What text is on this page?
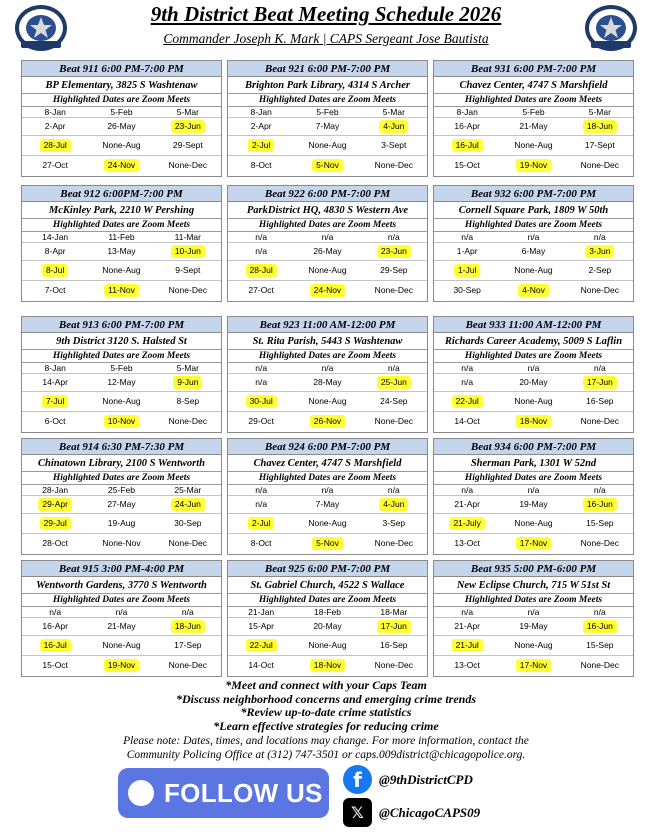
9th District Beat Meeting Schedule 2026
Commander Joseph K. Mark | CAPS Sergeant Jose Bautista
Beat 911 6:00 PM-7:00 PM
BP Elementary, 3825 S Washtenaw
Highlighted Dates are Zoom Meets
8-Jan	5-Feb	5-Mar
2-Apr	26-May	23-Jun
28-Jul	None-Aug	29-Sept
27-Oct	24-Nov	None-Dec
Beat 921 6:00 PM-7:00 PM
Brighton Park Library, 4314 S Archer
Highlighted Dates are Zoom Meets
8-Jan	5-Feb	5-Mar
2-Apr	7-May	4-Jun
2-Jul	None-Aug	3-Sept
8-Oct	5-Nov	None-Dec
Beat 931 6:00 PM-7:00 PM
Chavez Center, 4747 S Marshfield
Highlighted Dates are Zoom Meets
8-Jan	5-Feb	5-Mar
16-Apr	21-May	18-Jun
16-Jul	None-Aug	17-Sept
15-Oct	19-Nov	None-Dec
Beat 912 6:00PM-7:00 PM
McKinley Park, 2210 W Pershing
Highlighted Dates are Zoom Meets
14-Jan	11-Feb	11-Mar
8-Apr	13-May	10-Jun
8-Jul	None-Aug	9-Sept
7-Oct	11-Nov	None-Dec
Beat 922 6:00 PM-7:00 PM
ParkDistrict HQ, 4830 S Western Ave
Highlighted Dates are Zoom Meets
n/a	n/a	n/a
n/a	26-May	23-Jun
28-Jul	None-Aug	29-Sep
27-Oct	24-Nov	None-Dec
Beat 932 6:00 PM-7:00 PM
Cornell Square Park, 1809 W 50th
Highlighted Dates are Zoom Meets
n/a	n/a	n/a
1-Apr	6-May	3-Jun
1-Jul	None-Aug	2-Sep
30-Sep	4-Nov	None-Dec
Beat 913 6:00 PM-7:00 PM
9th District 3120 S. Halsted St
Highlighted Dates are Zoom Meets
8-Jan	5-Feb	5-Mar
14-Apr	12-May	9-Jun
7-Jul	None-Aug	8-Sep
6-Oct	10-Nov	None-Dec
Beat 923 11:00 AM-12:00 PM
St. Rita Parish, 5443 S Washtenaw
Highlighted Dates are Zoom Meets
n/a	n/a	n/a
n/a	28-May	25-Jun
30-Jul	None-Aug	24-Sep
29-Oct	26-Nov	None-Dec
Beat 933 11:00 AM-12:00 PM
Richards Career Academy, 5009 S Laflin
Highlighted Dates are Zoom Meets
n/a	n/a	n/a
n/a	20-May	17-Jun
22-Jul	None-Aug	16-Sep
14-Oct	18-Nov	None-Dec
Beat 914 6:30 PM-7:30 PM
Chinatown Library, 2100 S Wentworth
Highlighted Dates are Zoom Meets
28-Jan	25-Feb	25-Mar
29-Apr	27-May	24-Jun
29-Jul	19-Aug	30-Sep
28-Oct	None-Nov	None-Dec
Beat 924 6:00 PM-7:00 PM
Chavez Center, 4747 S Marshfield
Highlighted Dates are Zoom Meets
n/a	n/a	n/a
n/a	7-May	4-Jun
2-Jul	None-Aug	3-Sep
8-Oct	5-Nov	None-Dec
Beat 934 6:00 PM-7:00 PM
Sherman Park, 1301 W 52nd
Highlighted Dates are Zoom Meets
n/a	n/a	n/a
21-Apr	19-May	16-Jun
21-July	None-Aug	15-Sep
13-Oct	17-Nov	None-Dec
Beat 915 3:00 PM-4:00 PM
Wentworth Gardens, 3770 S Wentworth
Highlighted Dates are Zoom Meets
n/a	n/a	n/a
16-Apr	21-May	18-Jun
16-Jul	None-Aug	17-Sep
15-Oct	19-Nov	None-Dec
Beat 925 6:00 PM-7:00 PM
St. Gabriel Church, 4522 S Wallace
Highlighted Dates are Zoom Meets
21-Jan	18-Feb	18-Mar
15-Apr	20-May	17-Jun
22-Jul	None-Aug	16-Sep
14-Oct	18-Nov	None-Dec
Beat 935 5:00 PM-6:00 PM
New Eclipse Church, 715 W 51st St
Highlighted Dates are Zoom Meets
n/a	n/a	n/a
21-Apr	19-May	16-Jun
21-Jul	None-Aug	15-Sep
13-Oct	17-Nov	None-Dec
*Meet and connect with your Caps Team
*Discuss neighborhood concerns and emerging crime trends
*Review up-to-date crime statistics
*Learn effective strategies for reducing crime
Please note: Dates, times, and locations may change. For more information, contact the
Community Policing Office at (312) 747-3501 or caps.009district@chicagopolice.org.
FOLLOW US	f	@9thDistrictCPD
𝕏	@ChicagoCAPS09
